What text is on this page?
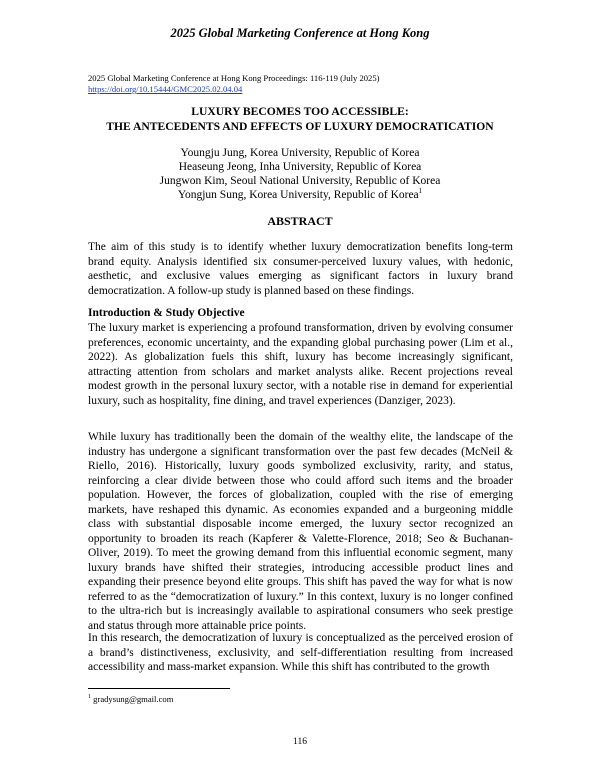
2025 Global Marketing Conference at Hong Kong
2025 Global Marketing Conference at Hong Kong Proceedings: 116-119 (July 2025)
https://doi.org/10.15444/GMC2025.02.04.04
LUXURY BECOMES TOO ACCESSIBLE:
THE ANTECEDENTS AND EFFECTS OF LUXURY DEMOCRATICATION
Youngju Jung, Korea University, Republic of Korea
Heaseung Jeong, Inha University, Republic of Korea
Jungwon Kim, Seoul National University, Republic of Korea
Yongjun Sung, Korea University, Republic of Korea$^1$
ABSTRACT
The aim of this study is to identify whether luxury democratization benefits long-term brand equity. Analysis identified six consumer-perceived luxury values, with hedonic, aesthetic, and exclusive values emerging as significant factors in luxury brand democratization. A follow-up study is planned based on these findings.
Introduction & Study Objective
The luxury market is experiencing a profound transformation, driven by evolving consumer preferences, economic uncertainty, and the expanding global purchasing power (Lim et al., 2022). As globalization fuels this shift, luxury has become increasingly significant, attracting attention from scholars and market analysts alike. Recent projections reveal modest growth in the personal luxury sector, with a notable rise in demand for experiential luxury, such as hospitality, fine dining, and travel experiences (Danziger, 2023).
While luxury has traditionally been the domain of the wealthy elite, the landscape of the industry has undergone a significant transformation over the past few decades (McNeil & Riello, 2016). Historically, luxury goods symbolized exclusivity, rarity, and status, reinforcing a clear divide between those who could afford such items and the broader population. However, the forces of globalization, coupled with the rise of emerging markets, have reshaped this dynamic. As economies expanded and a burgeoning middle class with substantial disposable income emerged, the luxury sector recognized an opportunity to broaden its reach (Kapferer & Valette-Florence, 2018; Seo & Buchanan-Oliver, 2019). To meet the growing demand from this influential economic segment, many luxury brands have shifted their strategies, introducing accessible product lines and expanding their presence beyond elite groups. This shift has paved the way for what is now referred to as the “democratization of luxury.” In this context, luxury is no longer confined to the ultra-rich but is increasingly available to aspirational consumers who seek prestige and status through more attainable price points.
In this research, the democratization of luxury is conceptualized as the perceived erosion of a brand’s distinctiveness, exclusivity, and self-differentiation resulting from increased accessibility and mass-market expansion. While this shift has contributed to the growth
$^1$ gradysung@gmail.com
116
